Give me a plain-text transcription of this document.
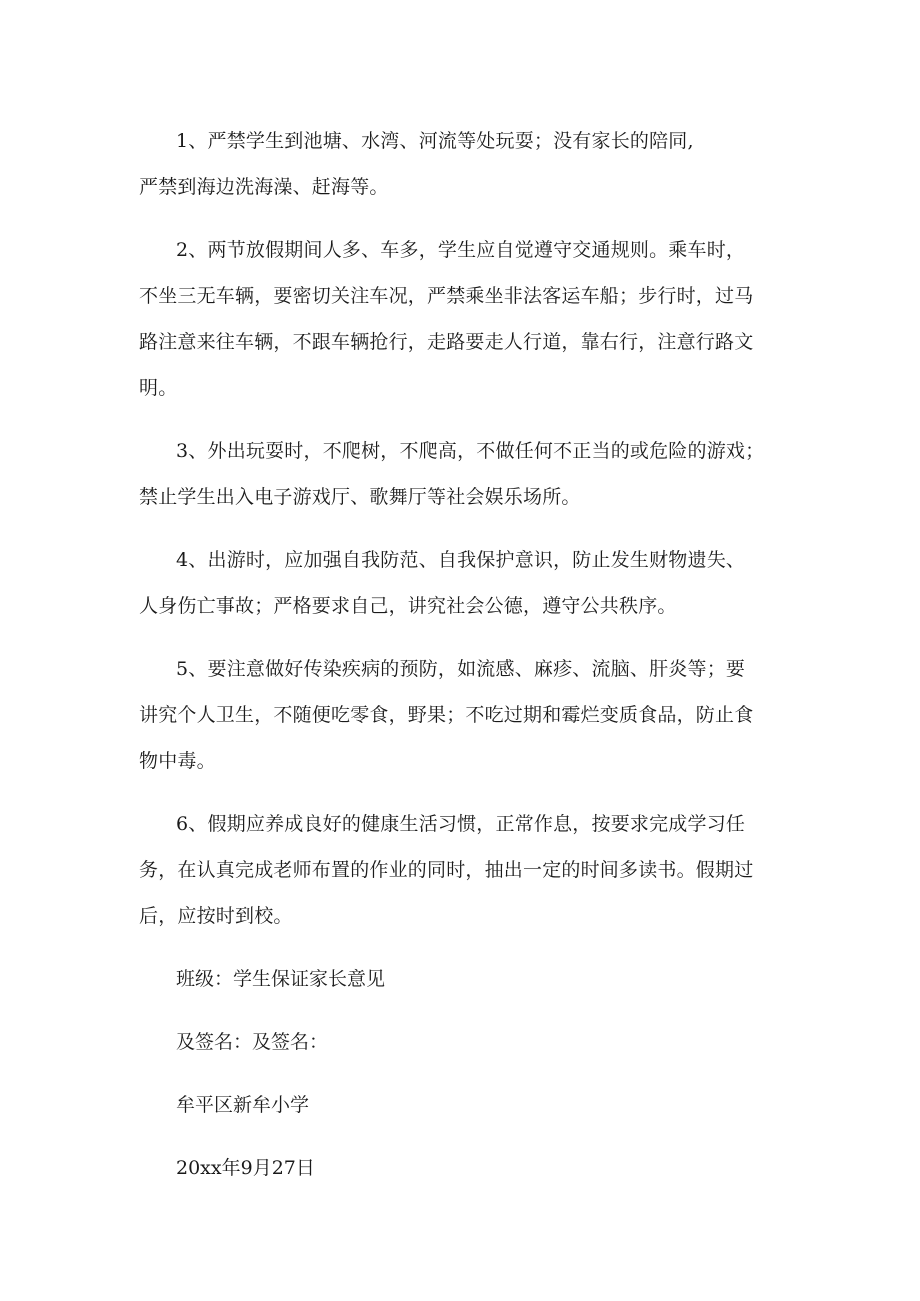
1、严禁学生到池塘、水湾、河流等处玩耍；没有家长的陪同,
严禁到海边洗海澡、赶海等。

2、两节放假期间人多、车多，学生应自觉遵守交通规则。乘车时，
不坐三无车辆，要密切关注车况，严禁乘坐非法客运车船；步行时，过马
路注意来往车辆，不跟车辆抢行，走路要走人行道，靠右行，注意行路文
明。

3、外出玩耍时，不爬树，不爬高，不做任何不正当的或危险的游戏；
禁止学生出入电子游戏厅、歌舞厅等社会娱乐场所。

4、出游时，应加强自我防范、自我保护意识，防止发生财物遗失、
人身伤亡事故；严格要求自己，讲究社会公德，遵守公共秩序。

5、要注意做好传染疾病的预防，如流感、麻疹、流脑、肝炎等；要
讲究个人卫生，不随便吃零食，野果；不吃过期和霉烂变质食品，防止食
物中毒。

6、假期应养成良好的健康生活习惯，正常作息，按要求完成学习任
务，在认真完成老师布置的作业的同时，抽出一定的时间多读书。假期过
后，应按时到校。

班级：学生保证家长意见
及签名：及签名：
牟平区新牟小学
20xx年9月27日
